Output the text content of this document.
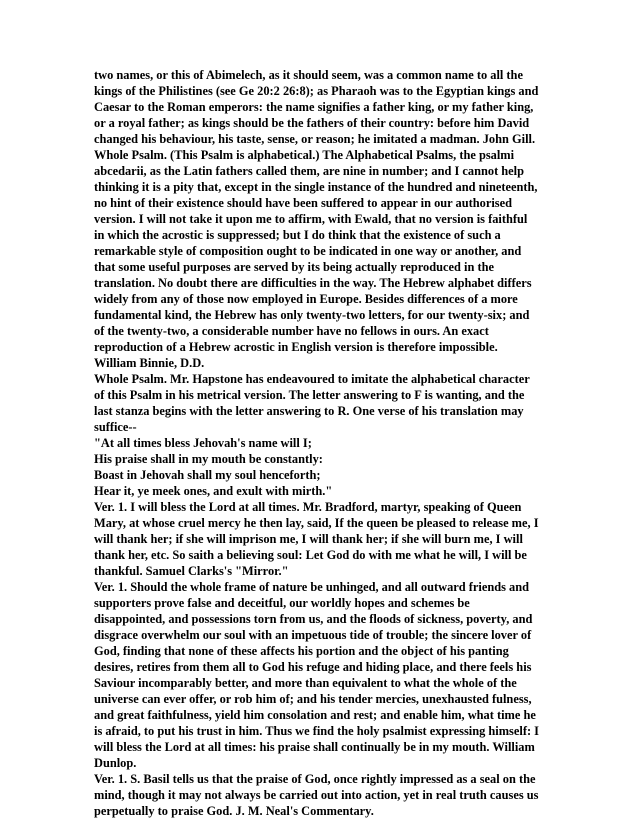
two names, or this of Abimelech, as it should seem, was a common name to all the
kings of the Philistines (see Ge 20:2 26:8); as Pharaoh was to the Egyptian kings and
Caesar to the Roman emperors: the name signifies a father king, or my father king,
or a royal father; as kings should be the fathers of their country: before him David
changed his behaviour, his taste, sense, or reason; he imitated a madman. John Gill.
Whole Psalm. (This Psalm is alphabetical.) The Alphabetical Psalms, the psalmi
abcedarii, as the Latin fathers called them, are nine in number; and I cannot help
thinking it is a pity that, except in the single instance of the hundred and nineteenth,
no hint of their existence should have been suffered to appear in our authorised
version. I will not take it upon me to affirm, with Ewald, that no version is faithful
in which the acrostic is suppressed; but I do think that the existence of such a
remarkable style of composition ought to be indicated in one way or another, and
that some useful purposes are served by its being actually reproduced in the
translation. No doubt there are difficulties in the way. The Hebrew alphabet differs
widely from any of those now employed in Europe. Besides differences of a more
fundamental kind, the Hebrew has only twenty-two letters, for our twenty-six; and
of the twenty-two, a considerable number have no fellows in ours. An exact
reproduction of a Hebrew acrostic in English version is therefore impossible.
William Binnie, D.D.
Whole Psalm. Mr. Hapstone has endeavoured to imitate the alphabetical character
of this Psalm in his metrical version. The letter answering to F is wanting, and the
last stanza begins with the letter answering to R. One verse of his translation may
suffice--
"At all times bless Jehovah's name will I;
His praise shall in my mouth be constantly:
Boast in Jehovah shall my soul henceforth;
Hear it, ye meek ones, and exult with mirth."
Ver. 1. I will bless the Lord at all times. Mr. Bradford, martyr, speaking of Queen
Mary, at whose cruel mercy he then lay, said, If the queen be pleased to release me, I
will thank her; if she will imprison me, I will thank her; if she will burn me, I will
thank her, etc. So saith a believing soul: Let God do with me what he will, I will be
thankful. Samuel Clarks's "Mirror."
Ver. 1. Should the whole frame of nature be unhinged, and all outward friends and
supporters prove false and deceitful, our worldly hopes and schemes be
disappointed, and possessions torn from us, and the floods of sickness, poverty, and
disgrace overwhelm our soul with an impetuous tide of trouble; the sincere lover of
God, finding that none of these affects his portion and the object of his panting
desires, retires from them all to God his refuge and hiding place, and there feels his
Saviour incomparably better, and more than equivalent to what the whole of the
universe can ever offer, or rob him of; and his tender mercies, unexhausted fulness,
and great faithfulness, yield him consolation and rest; and enable him, what time he
is afraid, to put his trust in him. Thus we find the holy psalmist expressing himself: I
will bless the Lord at all times: his praise shall continually be in my mouth. William
Dunlop.
Ver. 1. S. Basil tells us that the praise of God, once rightly impressed as a seal on the
mind, though it may not always be carried out into action, yet in real truth causes us
perpetually to praise God. J. M. Neal's Commentary.
